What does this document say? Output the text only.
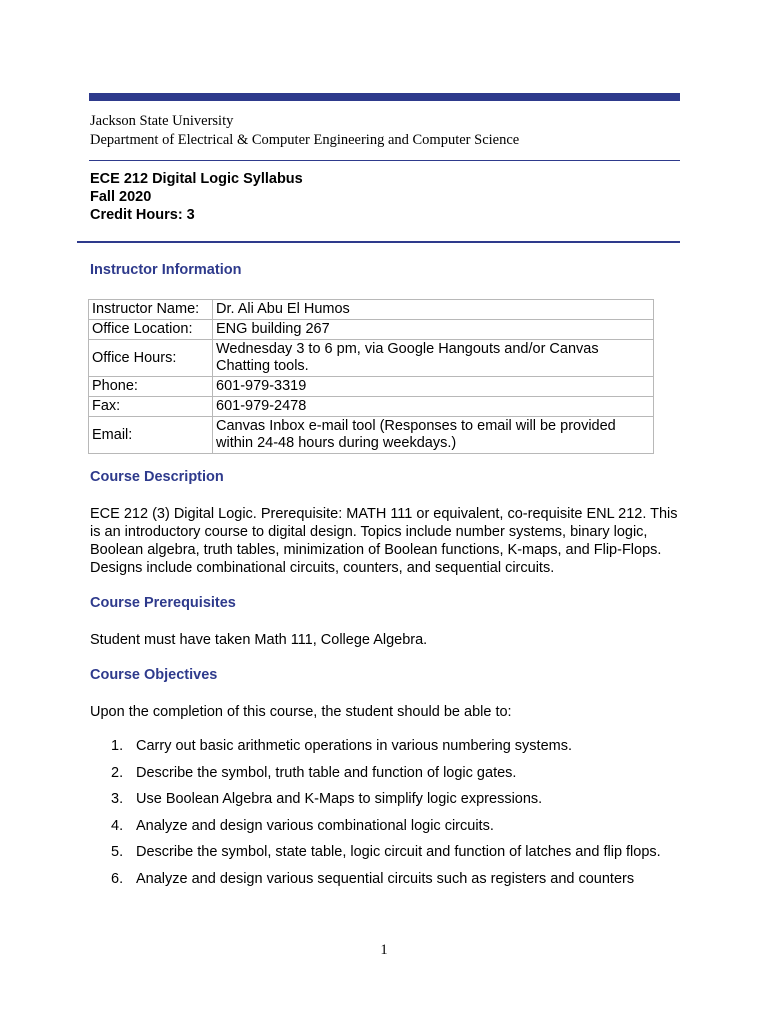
Jackson State University
Department of Electrical & Computer Engineering and Computer Science
ECE 212 Digital Logic Syllabus
Fall 2020
Credit Hours: 3
Instructor Information
Instructor Name:	Dr. Ali Abu El Humos
Office Location:	ENG building 267
Office Hours:	Wednesday 3 to 6 pm, via Google Hangouts and/or Canvas Chatting tools.
Phone:	601-979-3319
Fax:	601-979-2478
Email:	Canvas Inbox e-mail tool (Responses to email will be provided within 24-48 hours during weekdays.)
Course Description
ECE 212 (3) Digital Logic. Prerequisite: MATH 111 or equivalent, co-requisite ENL 212. This is an introductory course to digital design. Topics include number systems, binary logic, Boolean algebra, truth tables, minimization of Boolean functions, K-maps, and Flip-Flops. Designs include combinational circuits, counters, and sequential circuits.
Course Prerequisites
Student must have taken Math 111, College Algebra.
Course Objectives
Upon the completion of this course, the student should be able to:
1. Carry out basic arithmetic operations in various numbering systems.
2. Describe the symbol, truth table and function of logic gates.
3. Use Boolean Algebra and K-Maps to simplify logic expressions.
4. Analyze and design various combinational logic circuits.
5. Describe the symbol, state table, logic circuit and function of latches and flip flops.
6. Analyze and design various sequential circuits such as registers and counters
1
